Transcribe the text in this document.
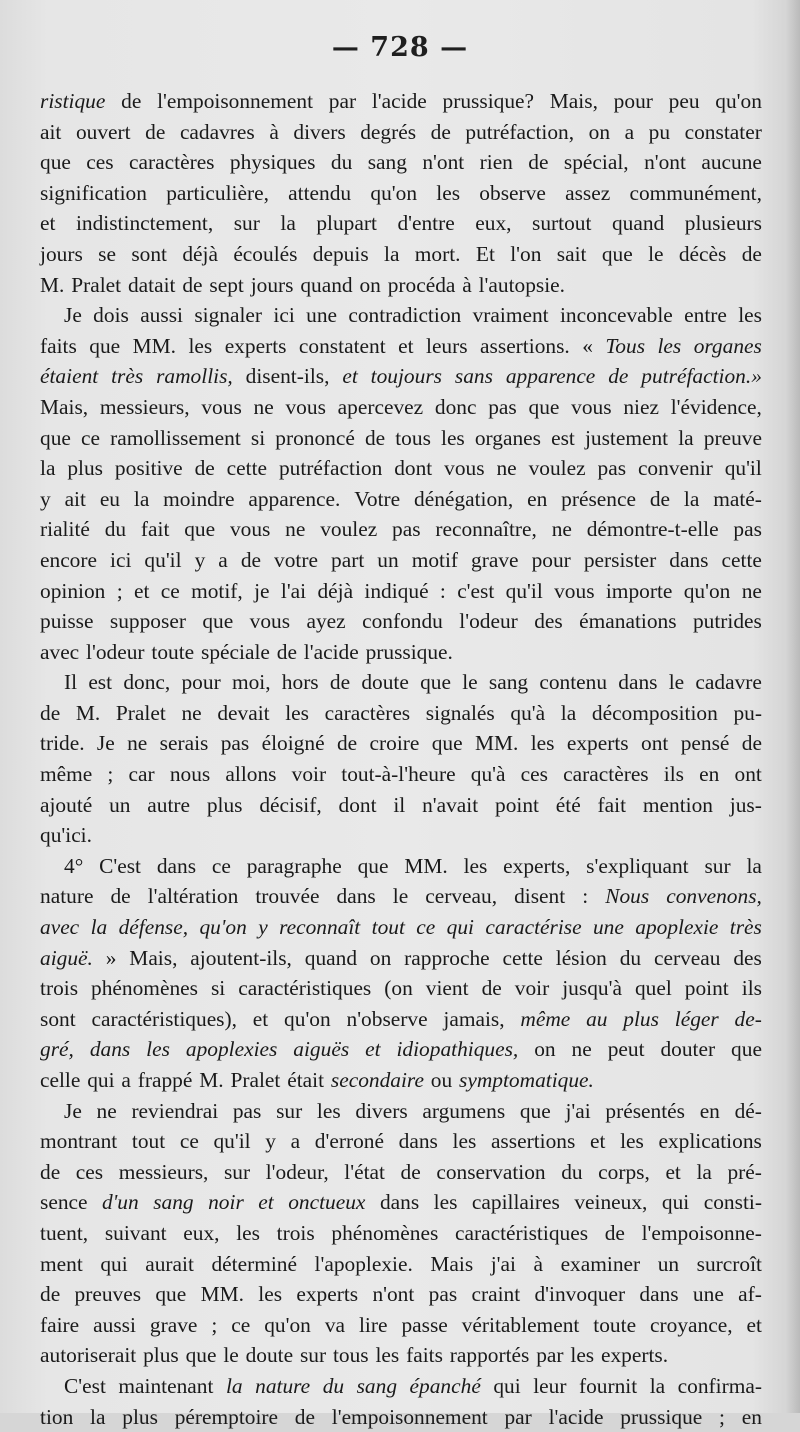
— 728 —
ristique de l'empoisonnement par l'acide prussique? Mais, pour peu qu'on
ait ouvert de cadavres à divers degrés de putréfaction, on a pu constater
que ces caractères physiques du sang n'ont rien de spécial, n'ont aucune
signification particulière, attendu qu'on les observe assez communément,
et indistinctement, sur la plupart d'entre eux, surtout quand plusieurs
jours se sont déjà écoulés depuis la mort. Et l'on sait que le décès de
M. Pralet datait de sept jours quand on procéda à l'autopsie.
Je dois aussi signaler ici une contradiction vraiment inconcevable entre les
faits que MM. les experts constatent et leurs assertions. « Tous les organes
étaient très ramollis, disent-ils, et toujours sans apparence de putréfaction.»
Mais, messieurs, vous ne vous apercevez donc pas que vous niez l'évidence,
que ce ramollissement si prononcé de tous les organes est justement la preuve
la plus positive de cette putréfaction dont vous ne voulez pas convenir qu'il
y ait eu la moindre apparence. Votre dénégation, en présence de la maté-
rialité du fait que vous ne voulez pas reconnaître, ne démontre-t-elle pas
encore ici qu'il y a de votre part un motif grave pour persister dans cette
opinion ; et ce motif, je l'ai déjà indiqué : c'est qu'il vous importe qu'on ne
puisse supposer que vous ayez confondu l'odeur des émanations putrides
avec l'odeur toute spéciale de l'acide prussique.
Il est donc, pour moi, hors de doute que le sang contenu dans le cadavre
de M. Pralet ne devait les caractères signalés qu'à la décomposition pu-
tride. Je ne serais pas éloigné de croire que MM. les experts ont pensé de
même ; car nous allons voir tout-à-l'heure qu'à ces caractères ils en ont
ajouté un autre plus décisif, dont il n'avait point été fait mention jus-
qu'ici.
4° C'est dans ce paragraphe que MM. les experts, s'expliquant sur la
nature de l'altération trouvée dans le cerveau, disent : Nous convenons,
avec la défense, qu'on y reconnaît tout ce qui caractérise une apoplexie très
aiguë. » Mais, ajoutent-ils, quand on rapproche cette lésion du cerveau des
trois phénomènes si caractéristiques (on vient de voir jusqu'à quel point ils
sont caractéristiques), et qu'on n'observe jamais, même au plus léger de-
gré, dans les apoplexies aiguës et idiopathiques, on ne peut douter que
celle qui a frappé M. Pralet était secondaire ou symptomatique.
Je ne reviendrai pas sur les divers argumens que j'ai présentés en dé-
montrant tout ce qu'il y a d'erroné dans les assertions et les explications
de ces messieurs, sur l'odeur, l'état de conservation du corps, et la pré-
sence d'un sang noir et onctueux dans les capillaires veineux, qui consti-
tuent, suivant eux, les trois phénomènes caractéristiques de l'empoisonne-
ment qui aurait déterminé l'apoplexie. Mais j'ai à examiner un surcroît
de preuves que MM. les experts n'ont pas craint d'invoquer dans une af-
faire aussi grave ; ce qu'on va lire passe véritablement toute croyance, et
autoriserait plus que le doute sur tous les faits rapportés par les experts.
C'est maintenant la nature du sang épanché qui leur fournit la confirma-
tion la plus péremptoire de l'empoisonnement par l'acide prussique ; en
